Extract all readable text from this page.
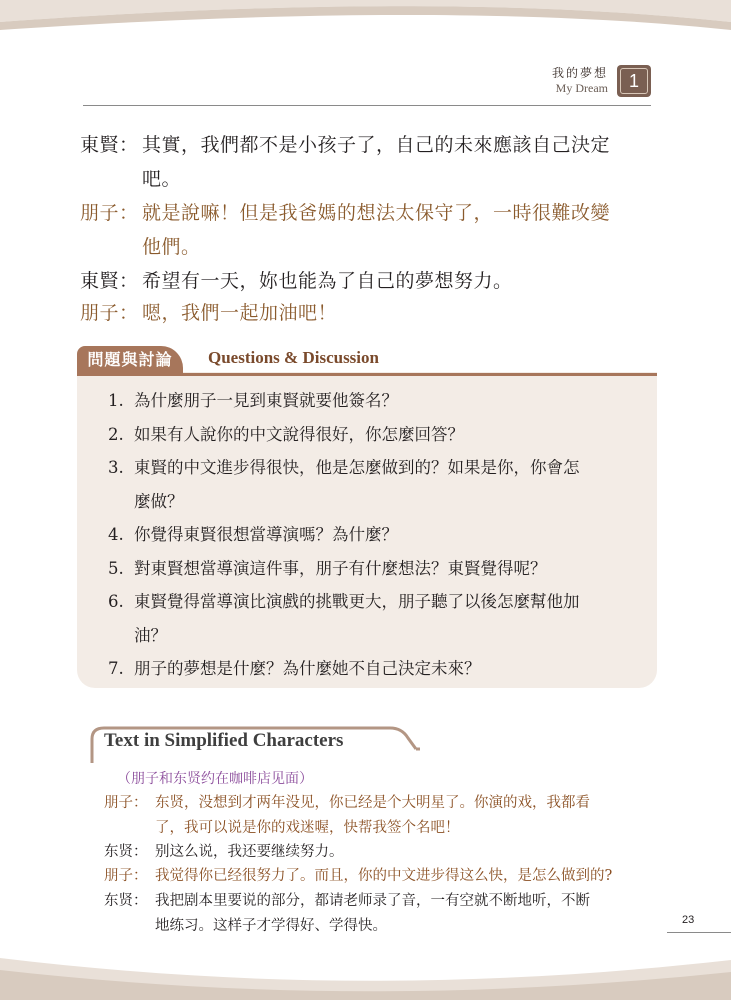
我的夢想
My Dream	1
東賢： 其實，我們都不是小孩子了，自己的未來應該自己決定
吧。
朋子： 就是說嘛！但是我爸媽的想法太保守了，一時很難改變
他們。
東賢： 希望有一天，妳也能為了自己的夢想努力。
朋子： 嗯，我們一起加油吧！
問題與討論	Questions & Discussion
1. 為什麼朋子一見到東賢就要他簽名？
2. 如果有人說你的中文說得很好，你怎麼回答？
3. 東賢的中文進步得很快，他是怎麼做到的？如果是你，你會怎
麼做？
4. 你覺得東賢很想當導演嗎？為什麼？
5. 對東賢想當導演這件事，朋子有什麼想法？東賢覺得呢？
6. 東賢覺得當導演比演戲的挑戰更大，朋子聽了以後怎麼幫他加
油？
7. 朋子的夢想是什麼？為什麼她不自己決定未來？
Text in Simplified Characters
（朋子和东贤约在咖啡店见面）
朋子： 东贤，没想到才两年没见，你已经是个大明星了。你演的戏，我都看
了，我可以说是你的戏迷喔，快帮我签个名吧！
东贤： 别这么说，我还要继续努力。
朋子： 我觉得你已经很努力了。而且，你的中文进步得这么快，是怎么做到的?
东贤： 我把剧本里要说的部分，都请老师录了音，一有空就不断地听，不断
地练习。这样子才学得好、学得快。	23
